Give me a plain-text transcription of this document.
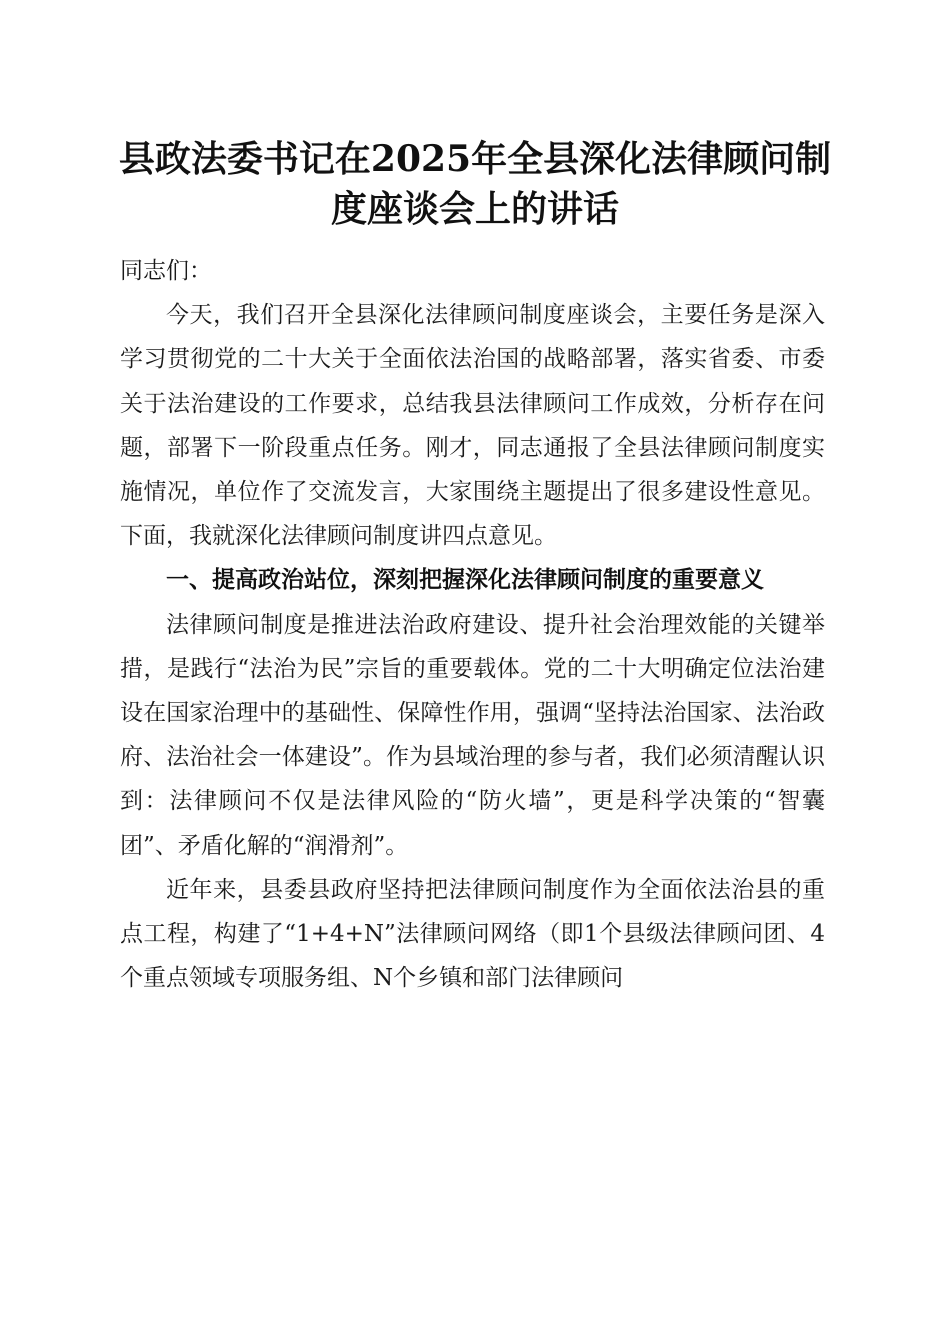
县政法委书记在2025年全县深化法律顾问制度座谈会上的讲话

同志们：

今天，我们召开全县深化法律顾问制度座谈会，主要任务是深入学习贯彻党的二十大关于全面依法治国的战略部署，落实省委、市委关于法治建设的工作要求，总结我县法律顾问工作成效，分析存在问题，部署下一阶段重点任务。刚才，同志通报了全县法律顾问制度实施情况，单位作了交流发言，大家围绕主题提出了很多建设性意见。下面，我就深化法律顾问制度讲四点意见。

一、提高政治站位，深刻把握深化法律顾问制度的重要意义

法律顾问制度是推进法治政府建设、提升社会治理效能的关键举措，是践行“法治为民”宗旨的重要载体。党的二十大明确定位法治建设在国家治理中的基础性、保障性作用，强调“坚持法治国家、法治政府、法治社会一体建设”。作为县域治理的参与者，我们必须清醒认识到：法律顾问不仅是法律风险的“防火墙”，更是科学决策的“智囊团”、矛盾化解的“润滑剂”。

近年来，县委县政府坚持把法律顾问制度作为全面依法治县的重点工程，构建了“1+4+N”法律顾问网络（即1个县级法律顾问团、4个重点领域专项服务组、N个乡镇和部门法律顾问
